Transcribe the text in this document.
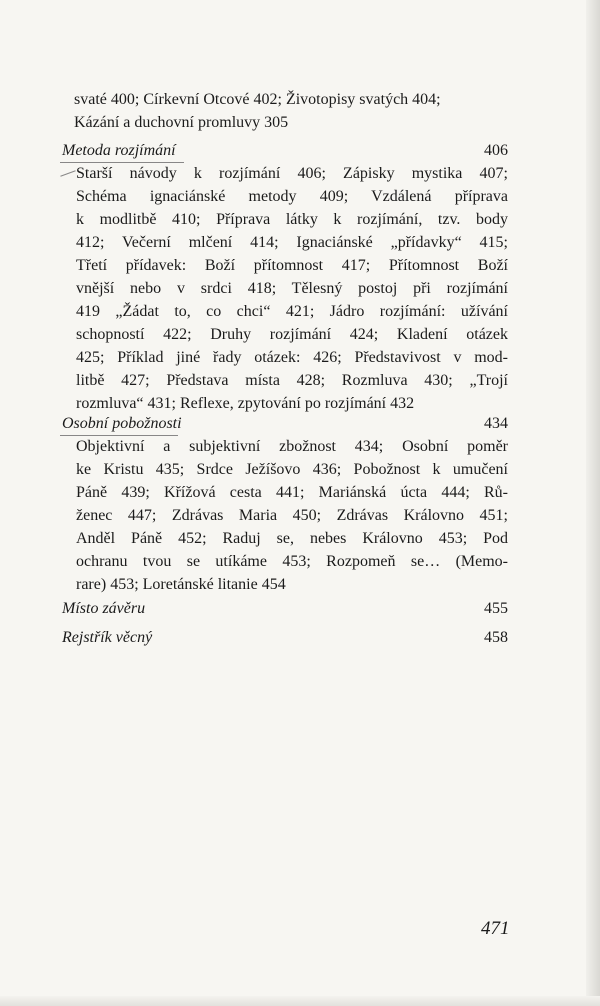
svaté 400; Církevní Otcové 402; Životopisy svatých 404;
Kázání a duchovní promluvy 305
Metoda rozjímání	406
Starší návody k rozjímání 406; Zápisky mystika 407;
Schéma ignaciánské metody 409; Vzdálená příprava
k modlitbě 410; Příprava látky k rozjímání, tzv. body
412; Večerní mlčení 414; Ignaciánské „přídavky“ 415;
Třetí přídavek: Boží přítomnost 417; Přítomnost Boží
vnější nebo v srdci 418; Tělesný postoj při rozjímání
419 „Žádat to, co chci“ 421; Jádro rozjímání: užívání
schopností 422; Druhy rozjímání 424; Kladení otázek
425; Příklad jiné řady otázek: 426; Představivost v mod-
litbě 427; Představa místa 428; Rozmluva 430; „Trojí
rozmluva“ 431; Reflexe, zpytování po rozjímání 432
Osobní pobožnosti	434
Objektivní a subjektivní zbožnost 434; Osobní poměr
ke Kristu 435; Srdce Ježíšovo 436; Pobožnost k umučení
Páně 439; Křížová cesta 441; Mariánská úcta 444; Rů-
ženec 447; Zdrávas Maria 450; Zdrávas Královno 451;
Anděl Páně 452; Raduj se, nebes Královno 453; Pod
ochranu tvou se utíkáme 453; Rozpomeň se… (Memo-
rare) 453; Loretánské litanie 454
Místo závěru	455
Rejstřík věcný	458
471
